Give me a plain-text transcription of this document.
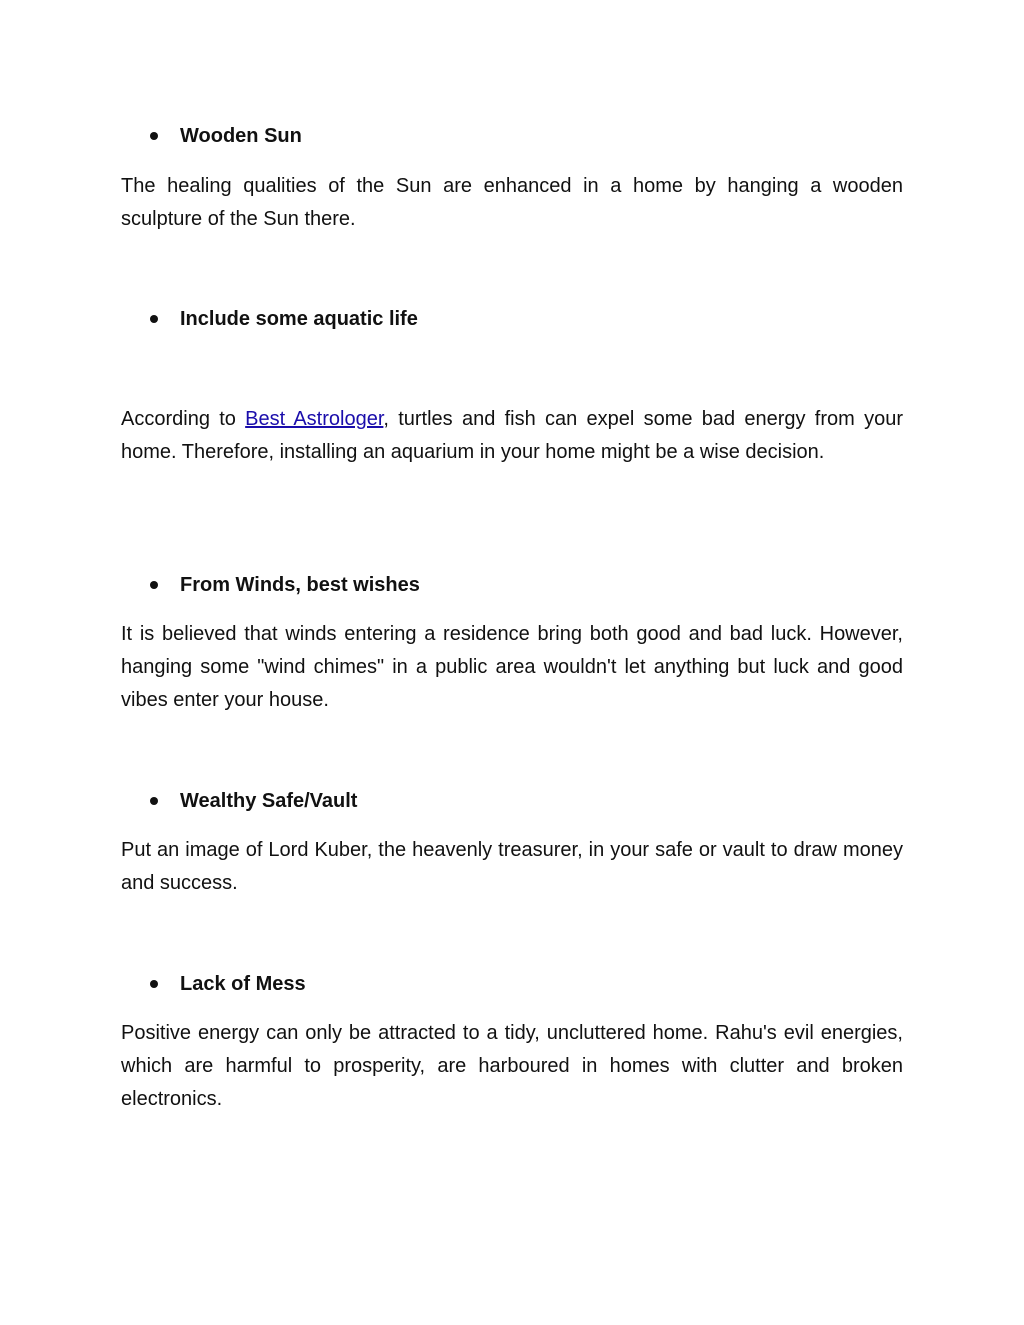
Wooden Sun

The healing qualities of the Sun are enhanced in a home by hanging a wooden sculpture of the Sun there.

Include some aquatic life

According to Best Astrologer, turtles and fish can expel some bad energy from your home. Therefore, installing an aquarium in your home might be a wise decision.

From Winds, best wishes

It is believed that winds entering a residence bring both good and bad luck. However, hanging some "wind chimes" in a public area wouldn't let anything but luck and good vibes enter your house.

Wealthy Safe/Vault

Put an image of Lord Kuber, the heavenly treasurer, in your safe or vault to draw money and success.

Lack of Mess

Positive energy can only be attracted to a tidy, uncluttered home. Rahu's evil energies, which are harmful to prosperity, are harboured in homes with clutter and broken electronics.
